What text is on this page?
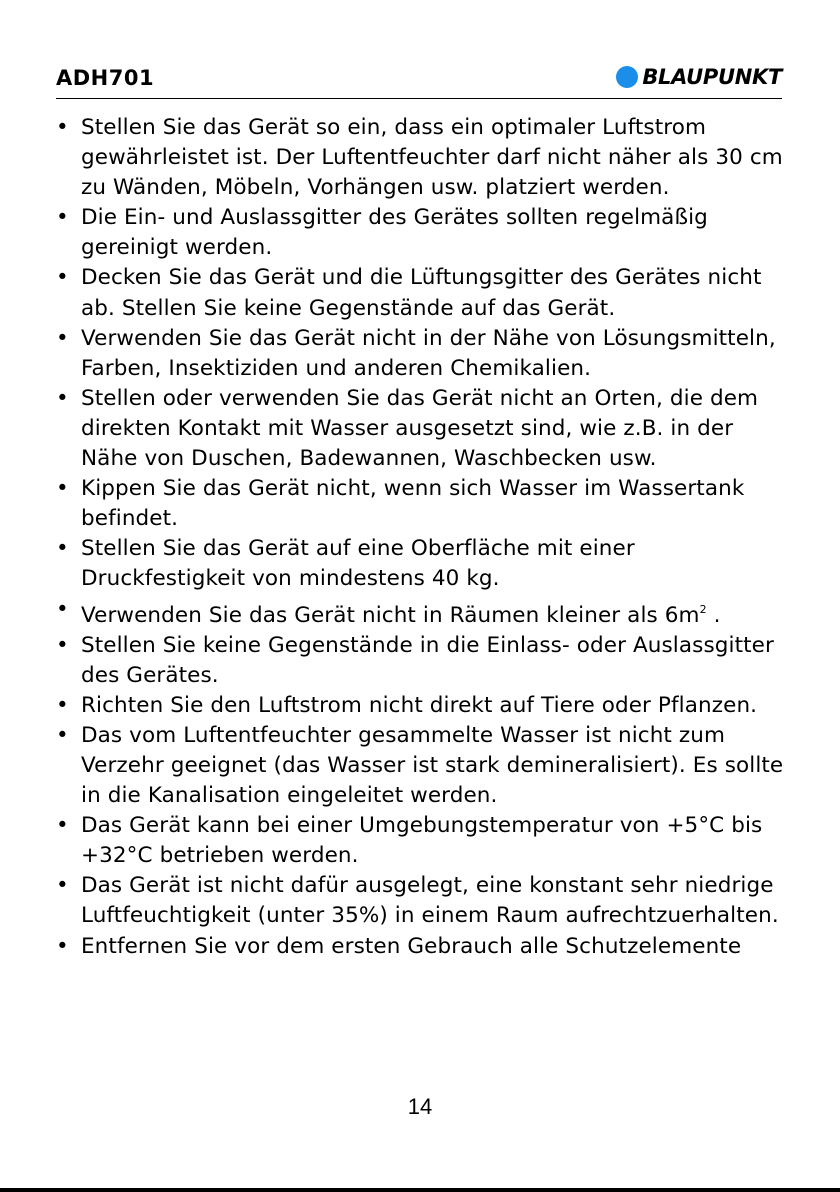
ADH701	BLAUPUNKT
• Stellen Sie das Gerät so ein, dass ein optimaler Luftstrom gewährleistet ist. Der Luftentfeuchter darf nicht näher als 30 cm zu Wänden, Möbeln, Vorhängen usw. platziert werden.
• Die Ein- und Auslassgitter des Gerätes sollten regelmäßig gereinigt werden.
• Decken Sie das Gerät und die Lüftungsgitter des Gerätes nicht ab. Stellen Sie keine Gegenstände auf das Gerät.
• Verwenden Sie das Gerät nicht in der Nähe von Lösungsmitteln, Farben, Insektiziden und anderen Chemikalien.
• Stellen oder verwenden Sie das Gerät nicht an Orten, die dem direkten Kontakt mit Wasser ausgesetzt sind, wie z.B. in der Nähe von Duschen, Badewannen, Waschbecken usw.
• Kippen Sie das Gerät nicht, wenn sich Wasser im Wassertank befindet.
• Stellen Sie das Gerät auf eine Oberfläche mit einer Druckfestigkeit von mindestens 40 kg.
• Verwenden Sie das Gerät nicht in Räumen kleiner als $6m^2$ .
• Stellen Sie keine Gegenstände in die Einlass- oder Auslassgitter des Gerätes.
• Richten Sie den Luftstrom nicht direkt auf Tiere oder Pflanzen.
• Das vom Luftentfeuchter gesammelte Wasser ist nicht zum Verzehr geeignet (das Wasser ist stark demineralisiert). Es sollte in die Kanalisation eingeleitet werden.
• Das Gerät kann bei einer Umgebungstemperatur von +5°C bis +32°C betrieben werden.
• Das Gerät ist nicht dafür ausgelegt, eine konstant sehr niedrige Luftfeuchtigkeit (unter 35%) in einem Raum aufrechtzuerhalten.
• Entfernen Sie vor dem ersten Gebrauch alle Schutzelemente
14
